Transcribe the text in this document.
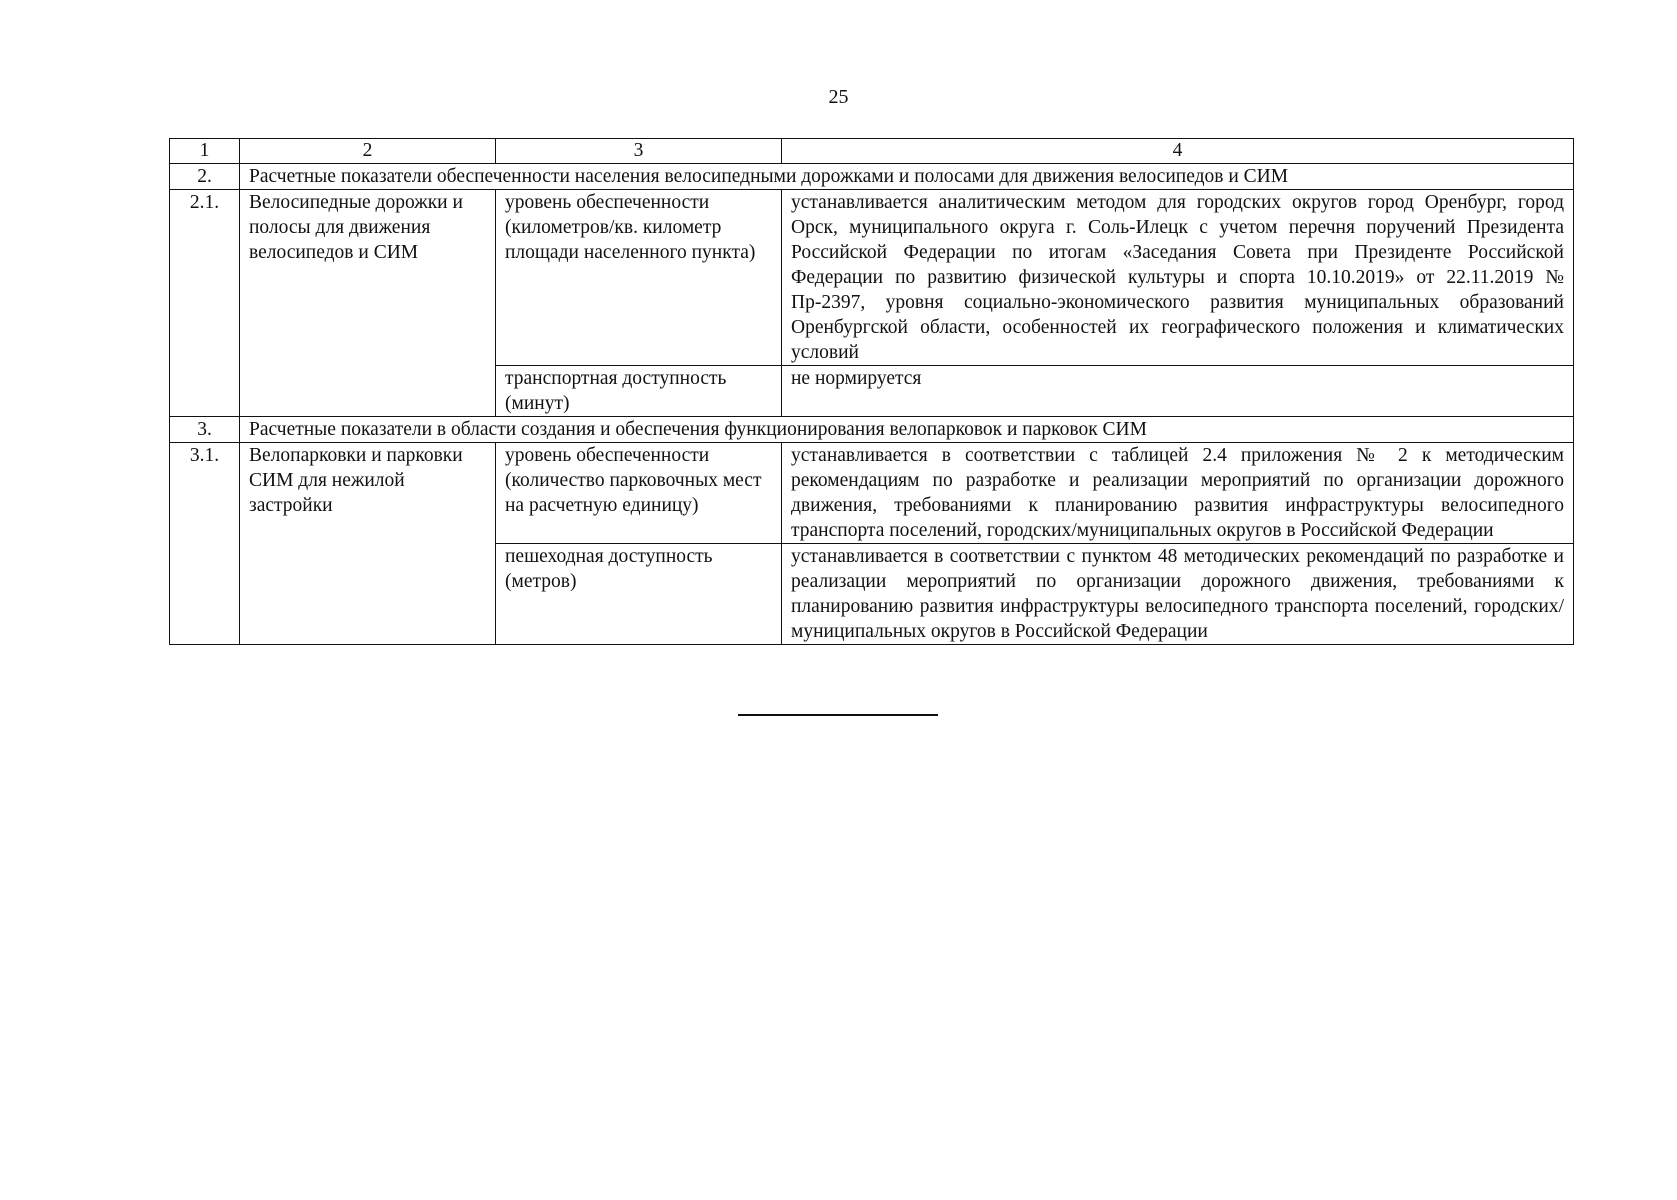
25
1	2	3	4
2.	Расчетные показатели обеспеченности населения велосипедными дорожками и полосами для движения велосипедов и СИМ		
2.1.	Велосипедные дорожки и полосы для движения велосипедов и СИМ	уровень обеспеченности (километров/кв. километр площади населенного пункта)	устанавливается аналитическим методом для городских округов город Оренбург, город Орск, муниципального округа г. Соль-Илецк с учетом перечня поручений Президента Российской Федерации по итогам «Заседания Совета при Президенте Российской Федерации по развитию физической культуры и спорта 10.10.2019» от 22.11.2019 № Пр-2397, уровня социально-экономического развития муниципальных образований Оренбургской области, особенностей их географического положения и климатических условий
		транспортная доступность (минут)	не нормируется
3.	Расчетные показатели в области создания и обеспечения функционирования велопарковок и парковок СИМ		
3.1.	Велопарковки и парковки СИМ для нежилой застройки	уровень обеспеченности (количество парковочных мест на расчетную единицу)	устанавливается в соответствии с таблицей 2.4 приложения № 2 к методическим рекомендациям по разработке и реализации мероприятий по организации дорожного движения, требованиями к планированию развития инфраструктуры велосипедного транспорта поселений, городских/муниципальных округов в Российской Федерации
		пешеходная доступность (метров)	устанавливается в соответствии с пунктом 48 методических рекомендаций по разработке и реализации мероприятий по организации дорожного движения, требованиями к планированию развития инфраструктуры велосипедного транспорта поселений, городских/муниципальных округов в Российской Федерации
